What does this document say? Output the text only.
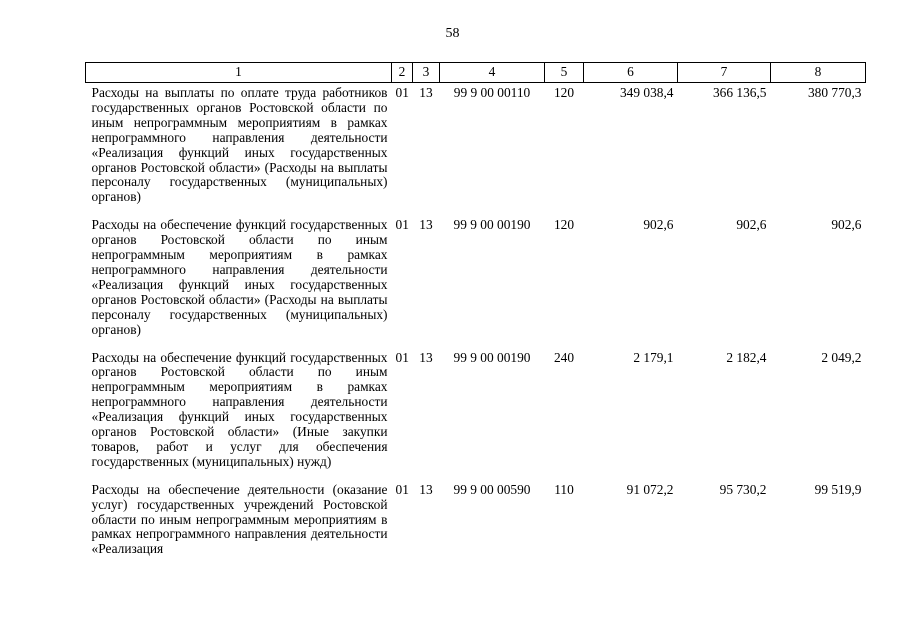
58
1	2	3	4	5	6	7	8
Расходы на выплаты по оплате труда работников государственных органов Ростовской области по иным непрограммным мероприятиям в рамках непрограммного направления деятельности «Реализация функций иных государственных органов Ростовской области» (Расходы на выплаты персоналу государственных (муниципальных) органов)	01	13	99 9 00 00110	120	349 038,4	366 136,5	380 770,3
Расходы на обеспечение функций государственных органов Ростовской области по иным непрограммным мероприятиям в рамках непрограммного направления деятельности «Реализация функций иных государственных органов Ростовской области» (Расходы на выплаты персоналу государственных (муниципальных) органов)	01	13	99 9 00 00190	120	902,6	902,6	902,6
Расходы на обеспечение функций государственных органов Ростовской области по иным непрограммным мероприятиям в рамках непрограммного направления деятельности «Реализация функций иных государственных органов Ростовской области» (Иные закупки товаров, работ и услуг для обеспечения государственных (муниципальных) нужд)	01	13	99 9 00 00190	240	2 179,1	2 182,4	2 049,2
Расходы на обеспечение деятельности (оказание услуг) государственных учреждений Ростовской области по иным непрограммным мероприятиям в рамках непрограммного направления деятельности «Реализация	01	13	99 9 00 00590	110	91 072,2	95 730,2	99 519,9
